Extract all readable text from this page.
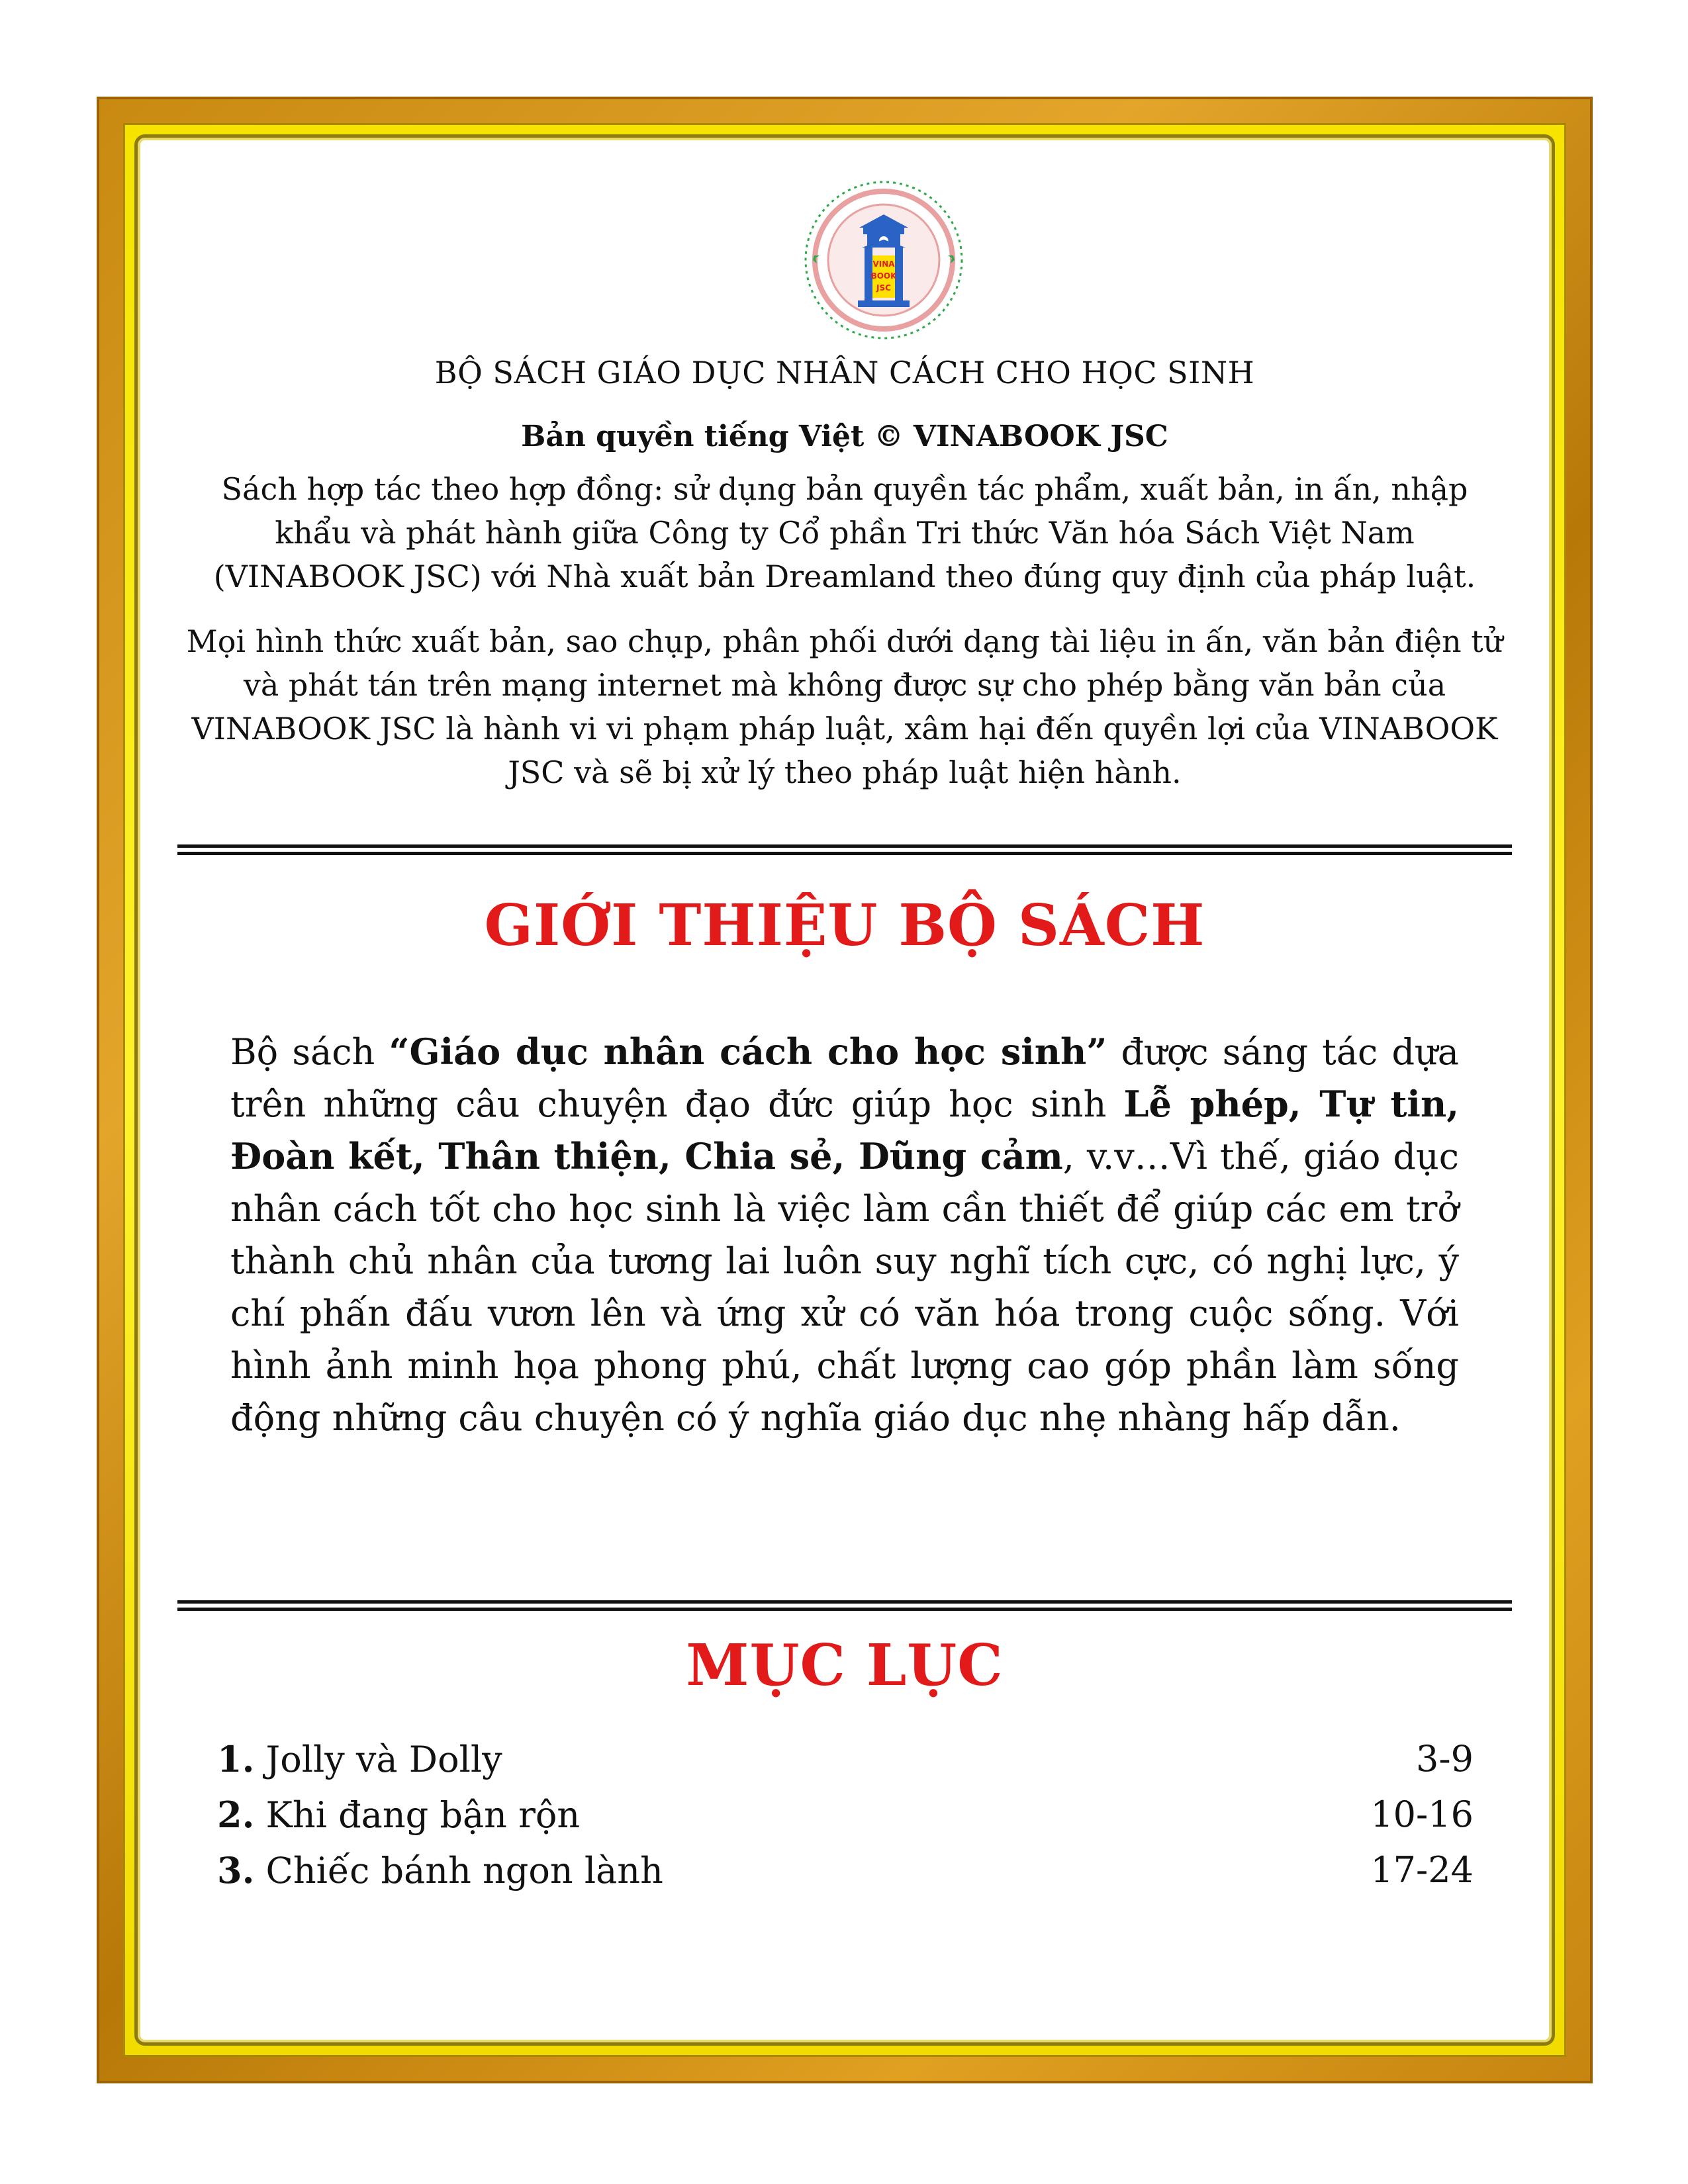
VINA
BOOK
JSC
BỘ SÁCH GIÁO DỤC NHÂN CÁCH CHO HỌC SINH
Bản quyền tiếng Việt © VINABOOK JSC
Sách hợp tác theo hợp đồng: sử dụng bản quyền tác phẩm, xuất bản, in ấn, nhập khẩu và phát hành giữa Công ty Cổ phần Tri thức Văn hóa Sách Việt Nam (VINABOOK JSC) với Nhà xuất bản Dreamland theo đúng quy định của pháp luật.
Mọi hình thức xuất bản, sao chụp, phân phối dưới dạng tài liệu in ấn, văn bản điện tử và phát tán trên mạng internet mà không được sự cho phép bằng văn bản của VINABOOK JSC là hành vi vi phạm pháp luật, xâm hại đến quyền lợi của VINABOOK JSC và sẽ bị xử lý theo pháp luật hiện hành.
GIỚI THIỆU BỘ SÁCH
Bộ sách “Giáo dục nhân cách cho học sinh” được sáng tác dựa trên những câu chuyện đạo đức giúp học sinh Lễ phép, Tự tin, Đoàn kết, Thân thiện, Chia sẻ, Dũng cảm, v.v…Vì thế, giáo dục nhân cách tốt cho học sinh là việc làm cần thiết để giúp các em trở thành chủ nhân của tương lai luôn suy nghĩ tích cực, có nghị lực, ý chí phấn đấu vươn lên và ứng xử có văn hóa trong cuộc sống. Với hình ảnh minh họa phong phú, chất lượng cao góp phần làm sống động những câu chuyện có ý nghĩa giáo dục nhẹ nhàng hấp dẫn.
MỤC LỤC
1. Jolly và Dolly	3-9
2. Khi đang bận rộn	10-16
3. Chiếc bánh ngon lành	17-24
